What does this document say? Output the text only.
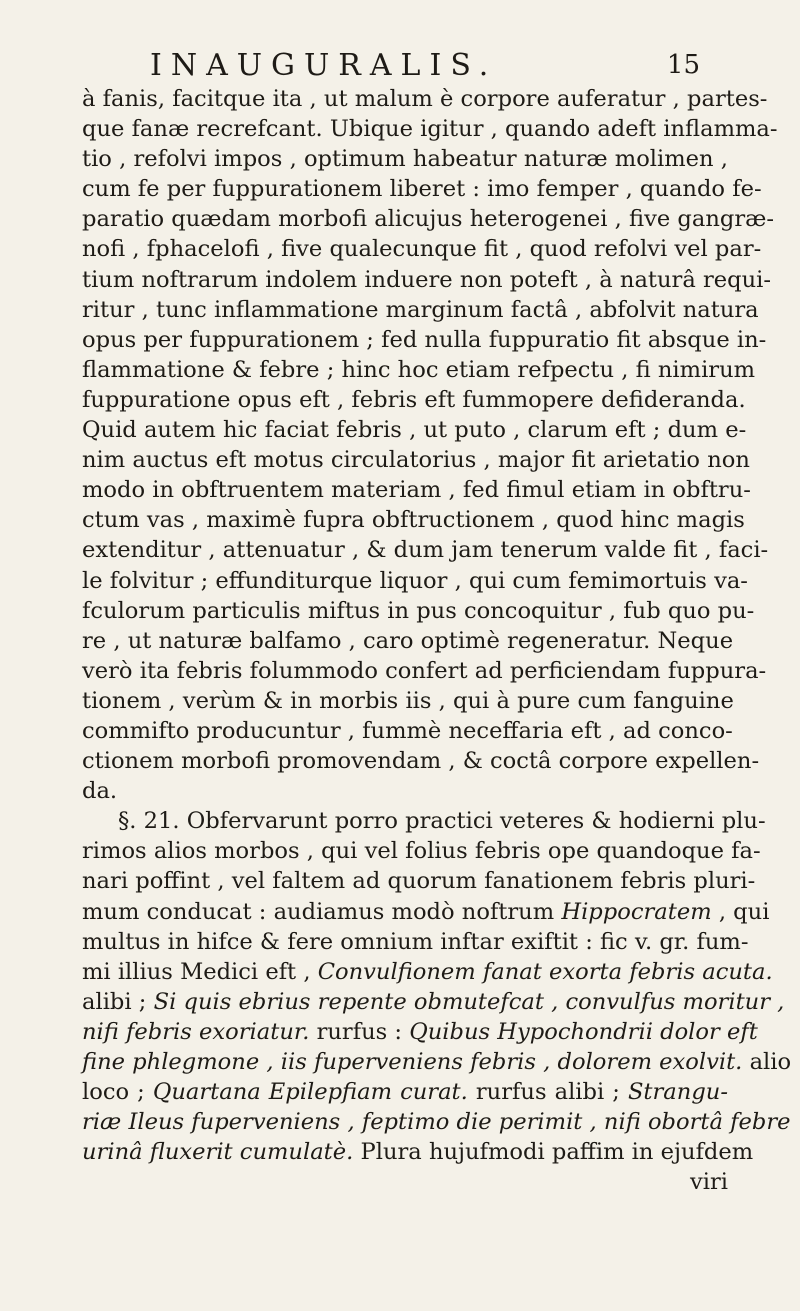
INAUGURALIS.	15
à fanis, facitque ita , ut malum è corpore auferatur , partes-
que fanæ recrefcant. Ubique igitur , quando adeft inflamma-
tio , refolvi impos , optimum habeatur naturæ molimen ,
cum fe per fuppurationem liberet : imo femper , quando fe-
paratio quædam morbofi alicujus heterogenei , five gangræ-
nofi , fphacelofi , five qualecunque fit , quod refolvi vel par-
tium noftrarum indolem induere non poteft , à naturâ requi-
ritur , tunc inflammatione marginum factâ , abfolvit natura
opus per fuppurationem ; fed nulla fuppuratio fit absque in-
flammatione & febre ; hinc hoc etiam refpectu , fi nimirum
fuppuratione opus eft , febris eft fummopere defideranda.
Quid autem hic faciat febris , ut puto , clarum eft ; dum e-
nim auctus eft motus circulatorius , major fit arietatio non
modo in obftruentem materiam , fed fimul etiam in obftru-
ctum vas , maximè fupra obftructionem , quod hinc magis
extenditur , attenuatur , & dum jam tenerum valde fit , faci-
le folvitur ; effunditurque liquor , qui cum femimortuis va-
fculorum particulis miftus in pus concoquitur , fub quo pu-
re , ut naturæ balfamo , caro optimè regeneratur. Neque
verò ita febris folummodo confert ad perficiendam fuppura-
tionem , verùm & in morbis iis , qui à pure cum fanguine
commifto producuntur , fummè neceffaria eft , ad conco-
ctionem morbofi promovendam , & coctâ corpore expellen-
da.
§. 21. Obfervarunt porro practici veteres & hodierni plu-
rimos alios morbos , qui vel folius febris ope quandoque fa-
nari poffint , vel faltem ad quorum fanationem febris pluri-
mum conducat : audiamus modò noftrum Hippocratem , qui
multus in hifce & fere omnium inftar exiftit : fic v. gr. fum-
mi illius Medici eft , Convulfionem fanat exorta febris acuta.
alibi ; Si quis ebrius repente obmutefcat , convulfus moritur ,
nifi febris exoriatur. rurfus : Quibus Hypochondrii dolor eft
fine phlegmone , iis fuperveniens febris , dolorem exolvit. alio
loco ; Quartana Epilepfiam curat. rurfus alibi ; Strangu-
riæ Ileus fuperveniens , feptimo die perimit , nifi obortâ febre
urinâ fluxerit cumulatè. Plura hujufmodi paffim in ejufdem
viri
